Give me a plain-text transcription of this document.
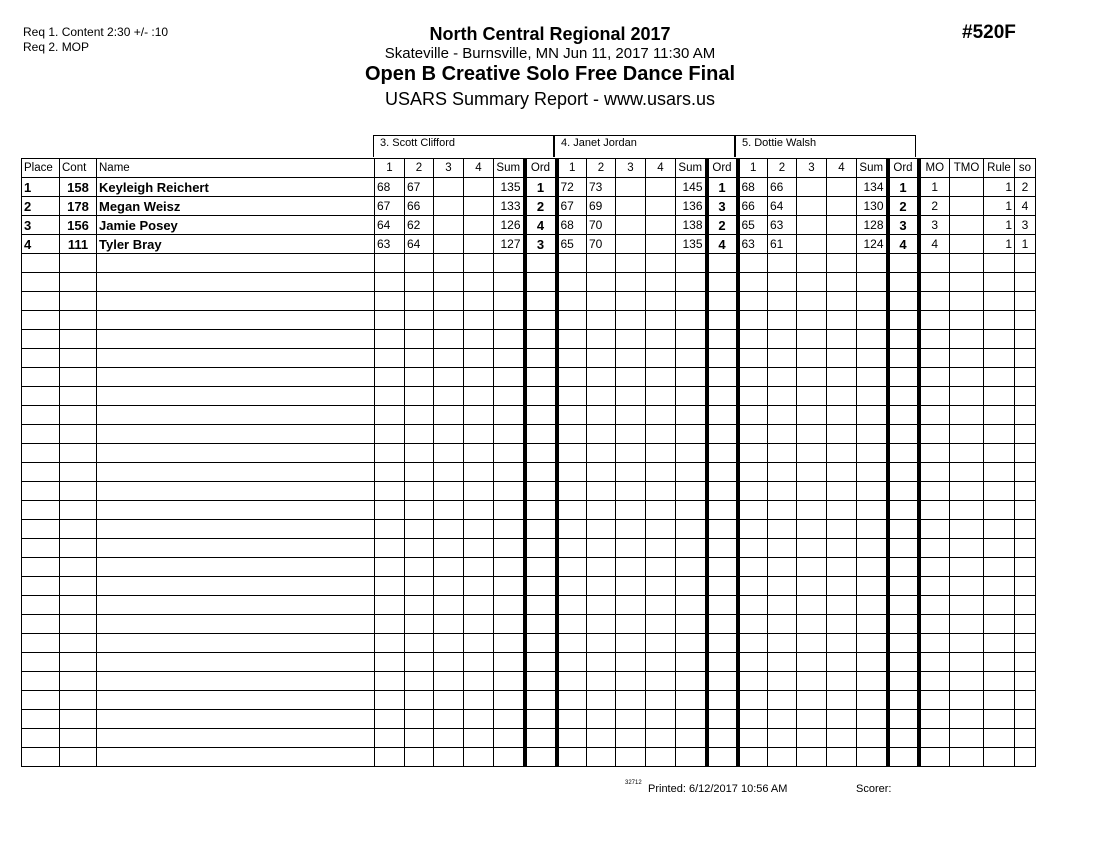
Req 1. Content 2:30 +/- :10
Req 2. MOP
#520F
North Central Regional 2017
Skateville - Burnsville, MN Jun 11, 2017 11:30 AM
Open B Creative Solo Free Dance Final
USARS Summary Report - www.usars.us
3. Scott Clifford	4. Janet Jordan	5. Dottie Walsh
Place	Cont	Name	1	2	3	4	Sum	Ord	1	2	3	4	Sum	Ord	1	2	3	4	Sum	Ord	MO	TMO	Rule	so
1	158	Keyleigh Reichert	68	67			135	1	72	73			145	1	68	66			134	1	1		1	2
2	178	Megan Weisz	67	66			133	2	67	69			136	3	66	64			130	2	2		1	4
3	156	Jamie Posey	64	62			126	4	68	70			138	2	65	63			128	3	3		1	3
4	111	Tyler Bray	63	64			127	3	65	70			135	4	63	61			124	4	4		1	1

32712 Printed: 6/12/2017 10:56 AM	Scorer:
